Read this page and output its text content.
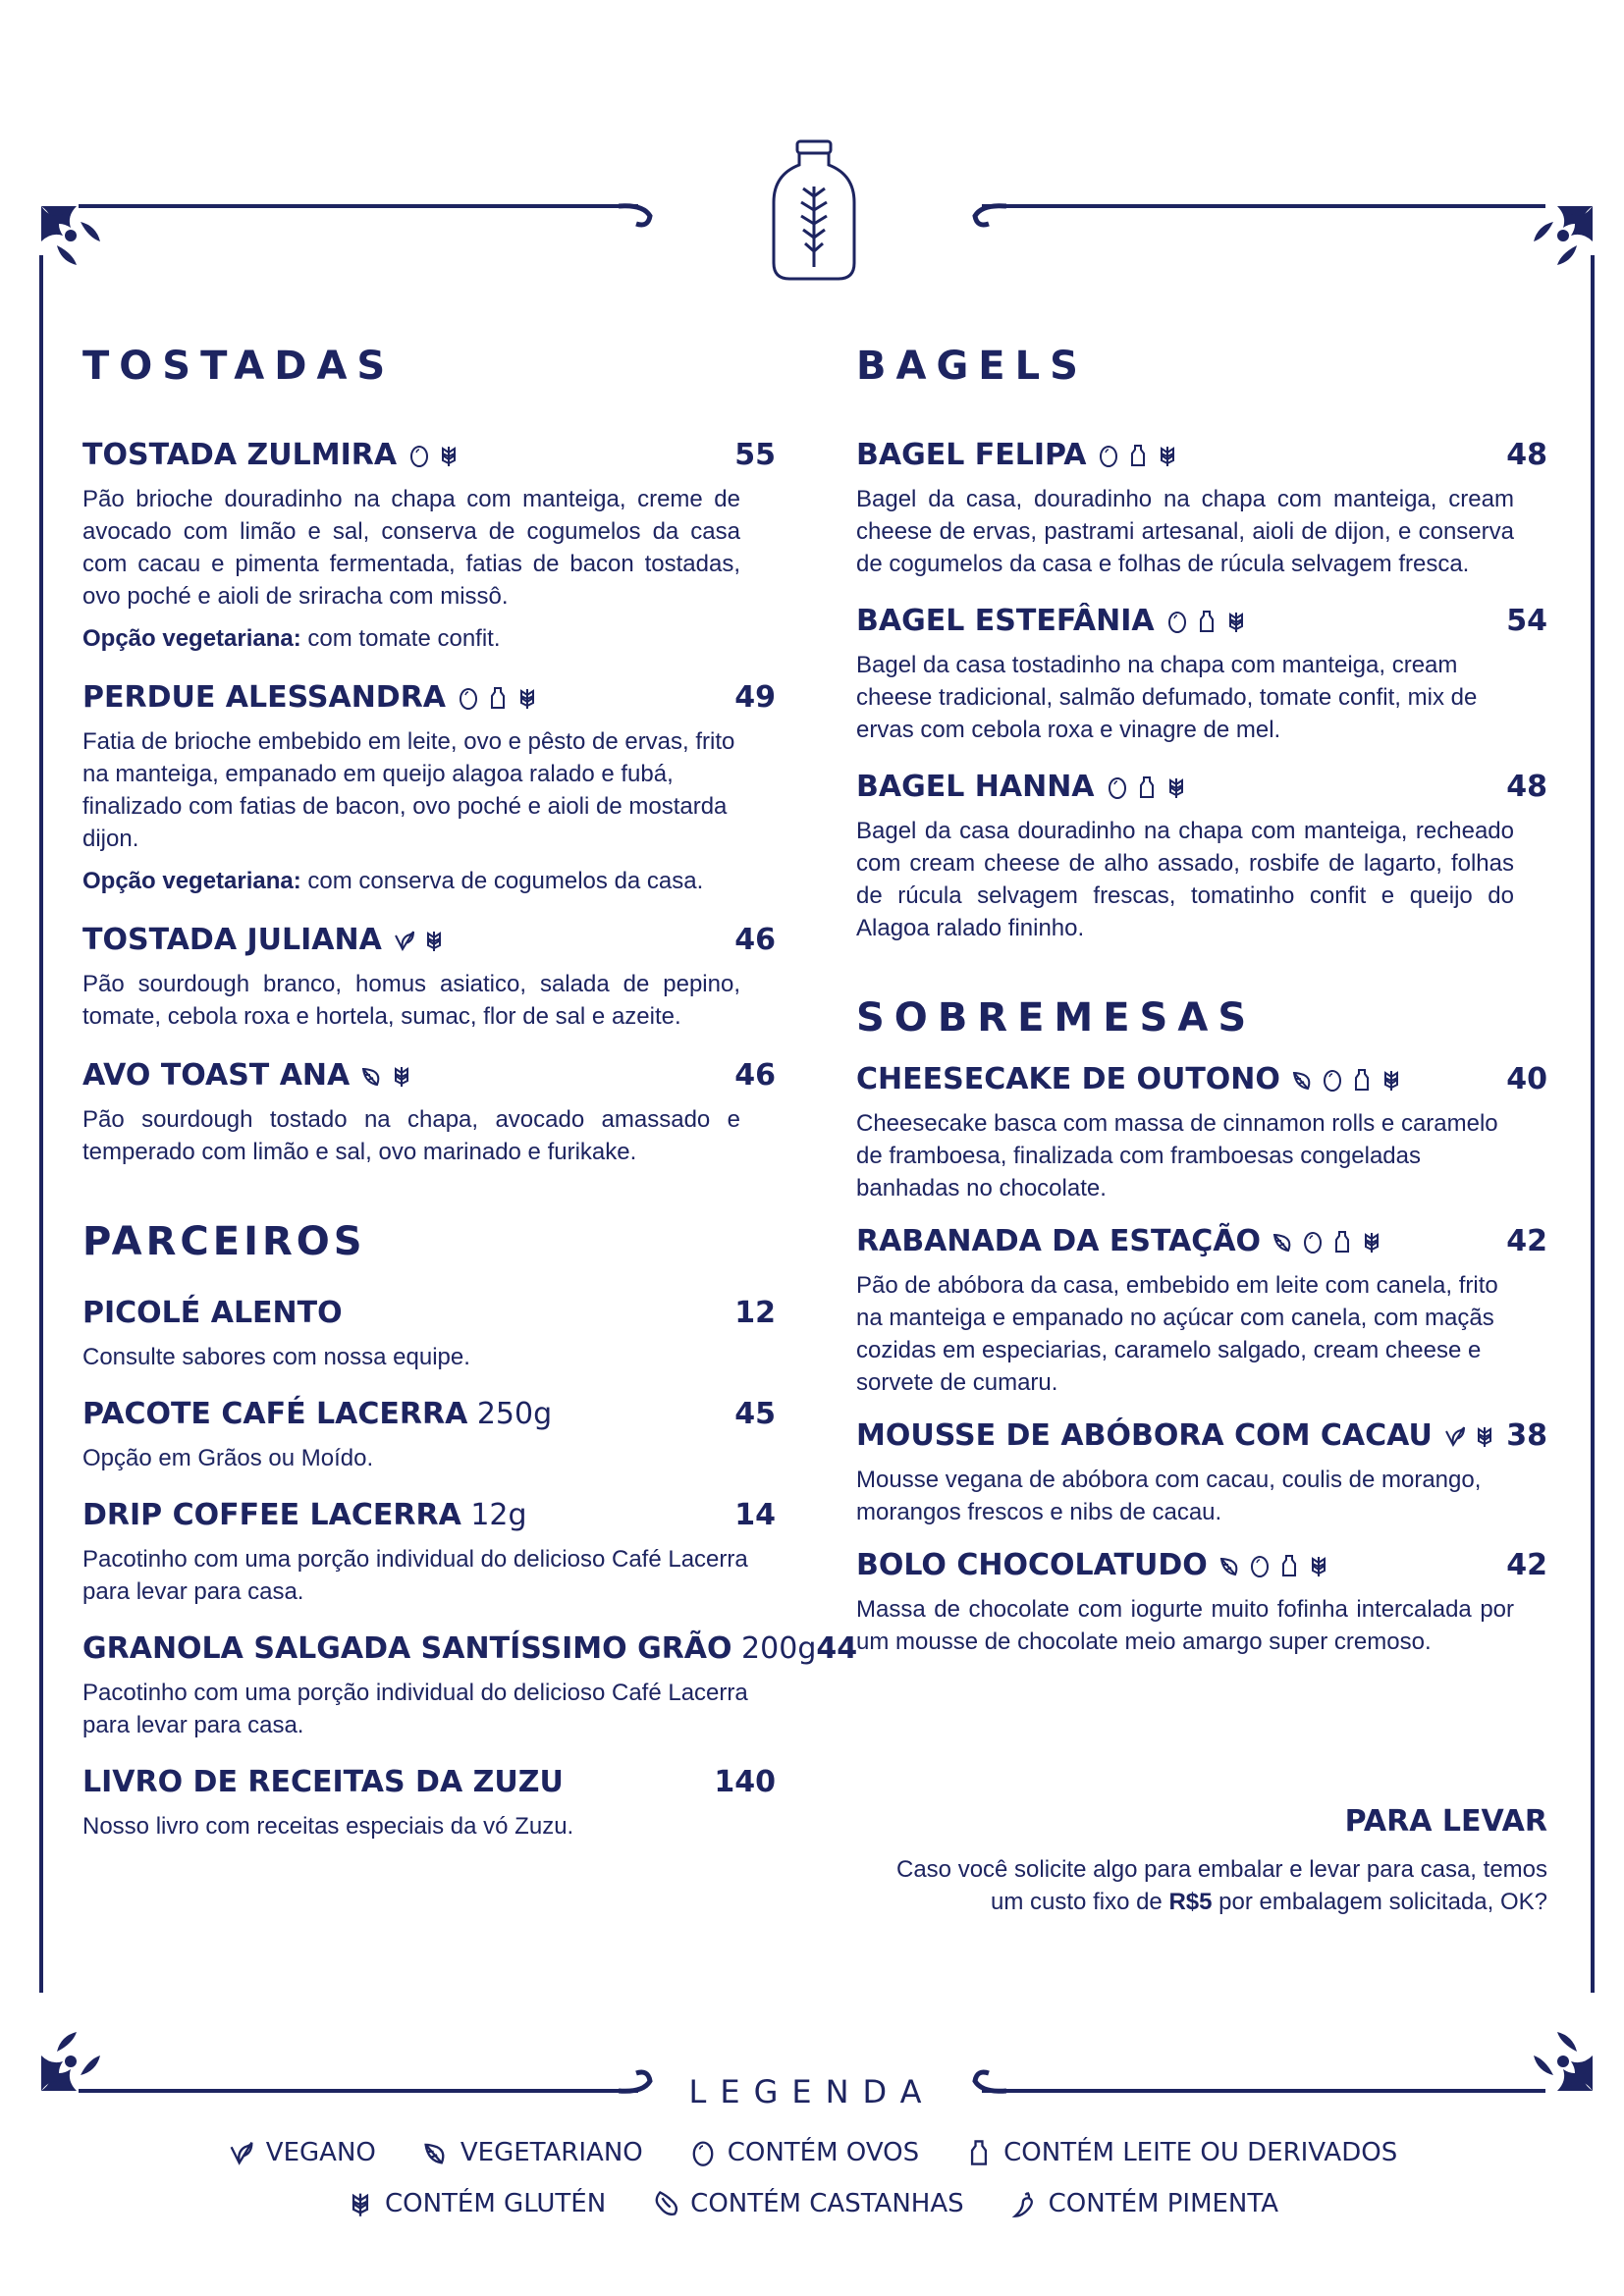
TOSTADAS
TOSTADA ZULMIRA	55

Pão brioche douradinho na chapa com manteiga, creme de avocado com limão e sal, conserva de cogumelos da casa com cacau e pimenta fermentada, fatias de bacon tostadas, ovo poché e aioli de sriracha com missô.

Opção vegetariana: com tomate confit.

PERDUE ALESSANDRA	49

Fatia de brioche embebido em leite, ovo e pêsto de ervas, frito na manteiga, empanado em queijo alagoa ralado e fubá, finalizado com fatias de bacon, ovo poché e aioli de mostarda dijon.

Opção vegetariana: com conserva de cogumelos da casa.

TOSTADA JULIANA	46

Pão sourdough branco, homus asiatico, salada de pepino, tomate, cebola roxa e hortela, sumac, flor de sal e azeite.

AVO TOAST ANA	46

Pão sourdough tostado na chapa, avocado amassado e temperado com limão e sal, ovo marinado e furikake.

PARCEIROS
PICOLÉ ALENTO	12

Consulte sabores com nossa equipe.

PACOTE CAFÉ LACERRA 250g	45

Opção em Grãos ou Moído.

DRIP COFFEE LACERRA 12g	14

Pacotinho com uma porção individual do delicioso Café Lacerra para levar para casa.

GRANOLA SALGADA SANTÍSSIMO GRÃO 200g 44

Pacotinho com uma porção individual do delicioso Café Lacerra para levar para casa.

LIVRO DE RECEITAS DA ZUZU	140

Nosso livro com receitas especiais da vó Zuzu.

BAGELS
BAGEL FELIPA	48

Bagel da casa, douradinho na chapa com manteiga, cream cheese de ervas, pastrami artesanal, aioli de dijon, e conserva de cogumelos da casa e folhas de rúcula selvagem fresca.

BAGEL ESTEFÂNIA	54

Bagel da casa tostadinho na chapa com manteiga, cream cheese tradicional, salmão defumado, tomate confit, mix de ervas com cebola roxa e vinagre de mel.

BAGEL HANNA	48

Bagel da casa douradinho na chapa com manteiga, recheado com cream cheese de alho assado, rosbife de lagarto, folhas de rúcula selvagem frescas, tomatinho confit e queijo do Alagoa ralado fininho.

SOBREMESAS
CHEESECAKE DE OUTONO	40

Cheesecake basca com massa de cinnamon rolls e caramelo de framboesa, finalizada com framboesas congeladas banhadas no chocolate.

RABANADA DA ESTAÇÃO	42

Pão de abóbora da casa, embebido em leite com canela, frito na manteiga e empanado no açúcar com canela, com maçãs cozidas em especiarias, caramelo salgado, cream cheese e sorvete de cumaru.

MOUSSE DE ABÓBORA COM CACAU	38

Mousse vegana de abóbora com cacau, coulis de morango, morangos frescos e nibs de cacau.

BOLO CHOCOLATUDO	42

Massa de chocolate com iogurte muito fofinha intercalada por um mousse de chocolate meio amargo super cremoso.

PARA LEVAR

Caso você solicite algo para embalar e levar para casa, temos um custo fixo de R$5 por embalagem solicitada, OK?

LEGENDA
VEGANO	VEGETARIANO	CONTÉM OVOS	CONTÉM LEITE OU DERIVADOS
CONTÉM GLUTÉN	CONTÉM CASTANHAS	CONTÉM PIMENTA
